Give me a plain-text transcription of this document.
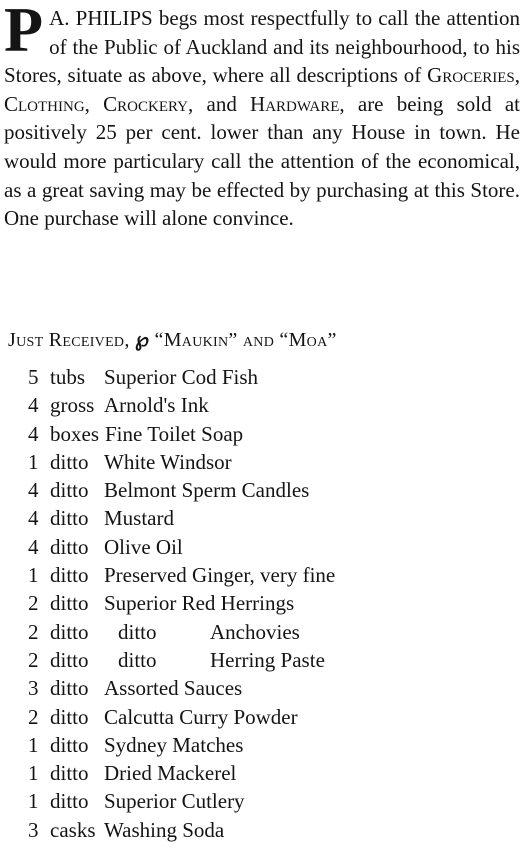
P A. PHILIPS begs most respectfully to call the attention of the Public of Auckland and its neighbourhood, to his Stores, situate as above, where all descriptions of Groceries, Clothing, Crockery, and Hardware, are being sold at positively 25 per cent. lower than any House in town. He would more particulary call the attention of the economical, as a great saving may be effected by purchasing at this Store. One purchase will alone convince.
Just Received, ℘ “Maukin” and “Moa”
5 tubs Superior Cod Fish
4 gross Arnold's Ink
4 boxes Fine Toilet Soap
1 ditto White Windsor
4 ditto Belmont Sperm Candles
4 ditto Mustard
4 ditto Olive Oil
1 ditto Preserved Ginger, very fine
2 ditto Superior Red Herrings
2 ditto ditto	Anchovies
2 ditto ditto	Herring Paste
3 ditto Assorted Sauces
2 ditto Calcutta Curry Powder
1 ditto Sydney Matches
1 ditto Dried Mackerel
1 ditto Superior Cutlery
3 casks Washing Soda
